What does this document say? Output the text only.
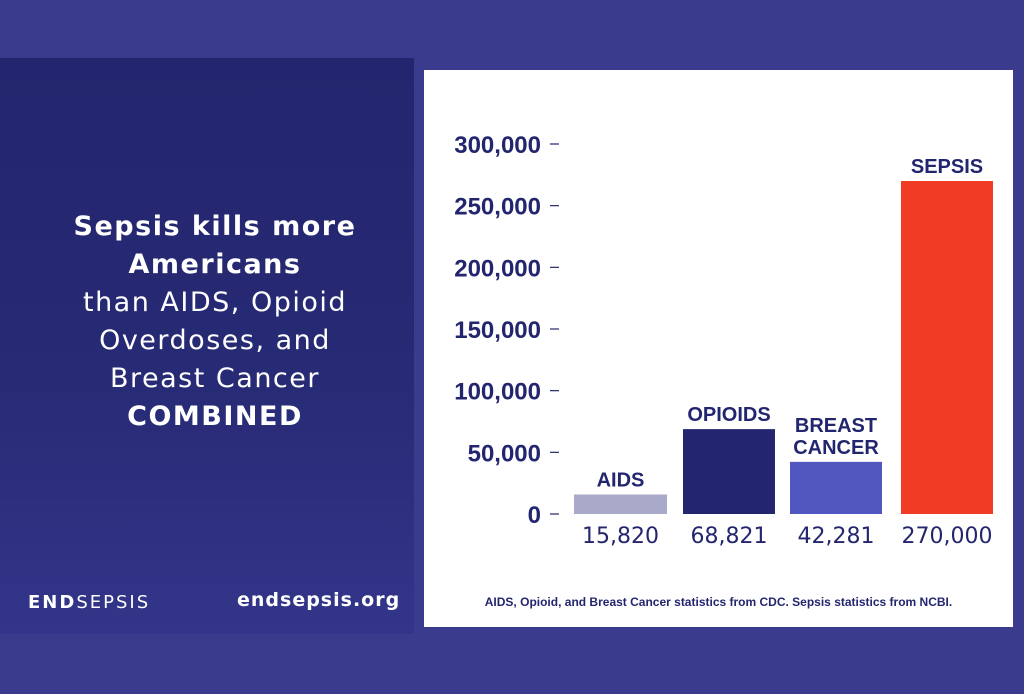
Sepsis kills more
Americans
than AIDS, Opioid
Overdoses, and
Breast Cancer
COMBINED
ENDSEPSIS	endsepsis.org
0
50,000
100,000
150,000
200,000
250,000
300,000
AIDS
15,820
OPIOIDS
68,821
BREAST
CANCER
42,281
SEPSIS
270,000
AIDS, Opioid, and Breast Cancer statistics from CDC. Sepsis statistics from NCBI.
